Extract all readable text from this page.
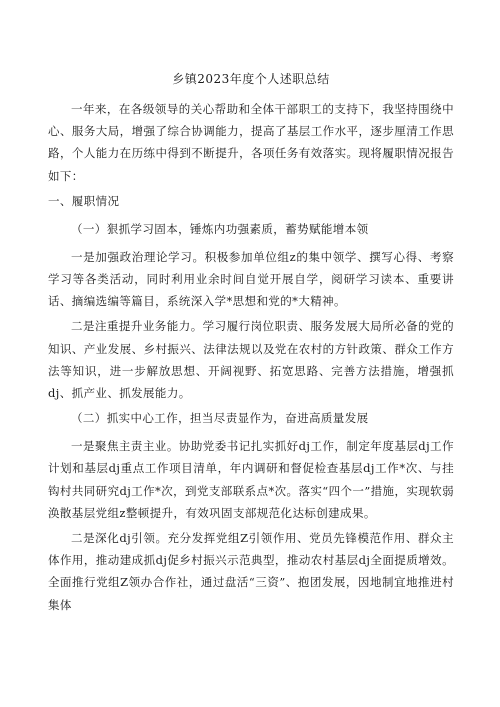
乡镇2023年度个人述职总结

一年来，在各级领导的关心帮助和全体干部职工的支持下，我坚持围绕中心、服务大局，增强了综合协调能力，提高了基层工作水平，逐步厘清工作思路，个人能力在历练中得到不断提升，各项任务有效落实。现将履职情况报告如下：

一、履职情况
（一）狠抓学习固本，锤炼内功强素质，蓄势赋能增本领

一是加强政治理论学习。积极参加单位组z的集中领学、撰写心得、考察学习等各类活动，同时利用业余时间自觉开展自学，阅研学习读本、重要讲话、摘编选编等篇目，系统深入学*思想和党的*大精神。

二是注重提升业务能力。学习履行岗位职责、服务发展大局所必备的党的知识、产业发展、乡村振兴、法律法规以及党在农村的方针政策、群众工作方法等知识，进一步解放思想、开阔视野、拓宽思路、完善方法措施，增强抓dj、抓产业、抓发展能力。

（二）抓实中心工作，担当尽责显作为，奋进高质量发展

一是聚焦主责主业。协助党委书记扎实抓好dj工作，制定年度基层dj工作计划和基层dj重点工作项目清单，年内调研和督促检查基层dj工作*次、与挂钩村共同研究dj工作*次，到党支部联系点*次。落实“四个一”措施，实现软弱涣散基层党组z整顿提升，有效巩固支部规范化达标创建成果。

二是深化dj引领。充分发挥党组Z引领作用、党员先锋模范作用、群众主体作用，推动建成抓dj促乡村振兴示范典型，推动农村基层dj全面提质增效。全面推行党组Z领办合作社，通过盘活“三资”、抱团发展，因地制宜地推进村集体
